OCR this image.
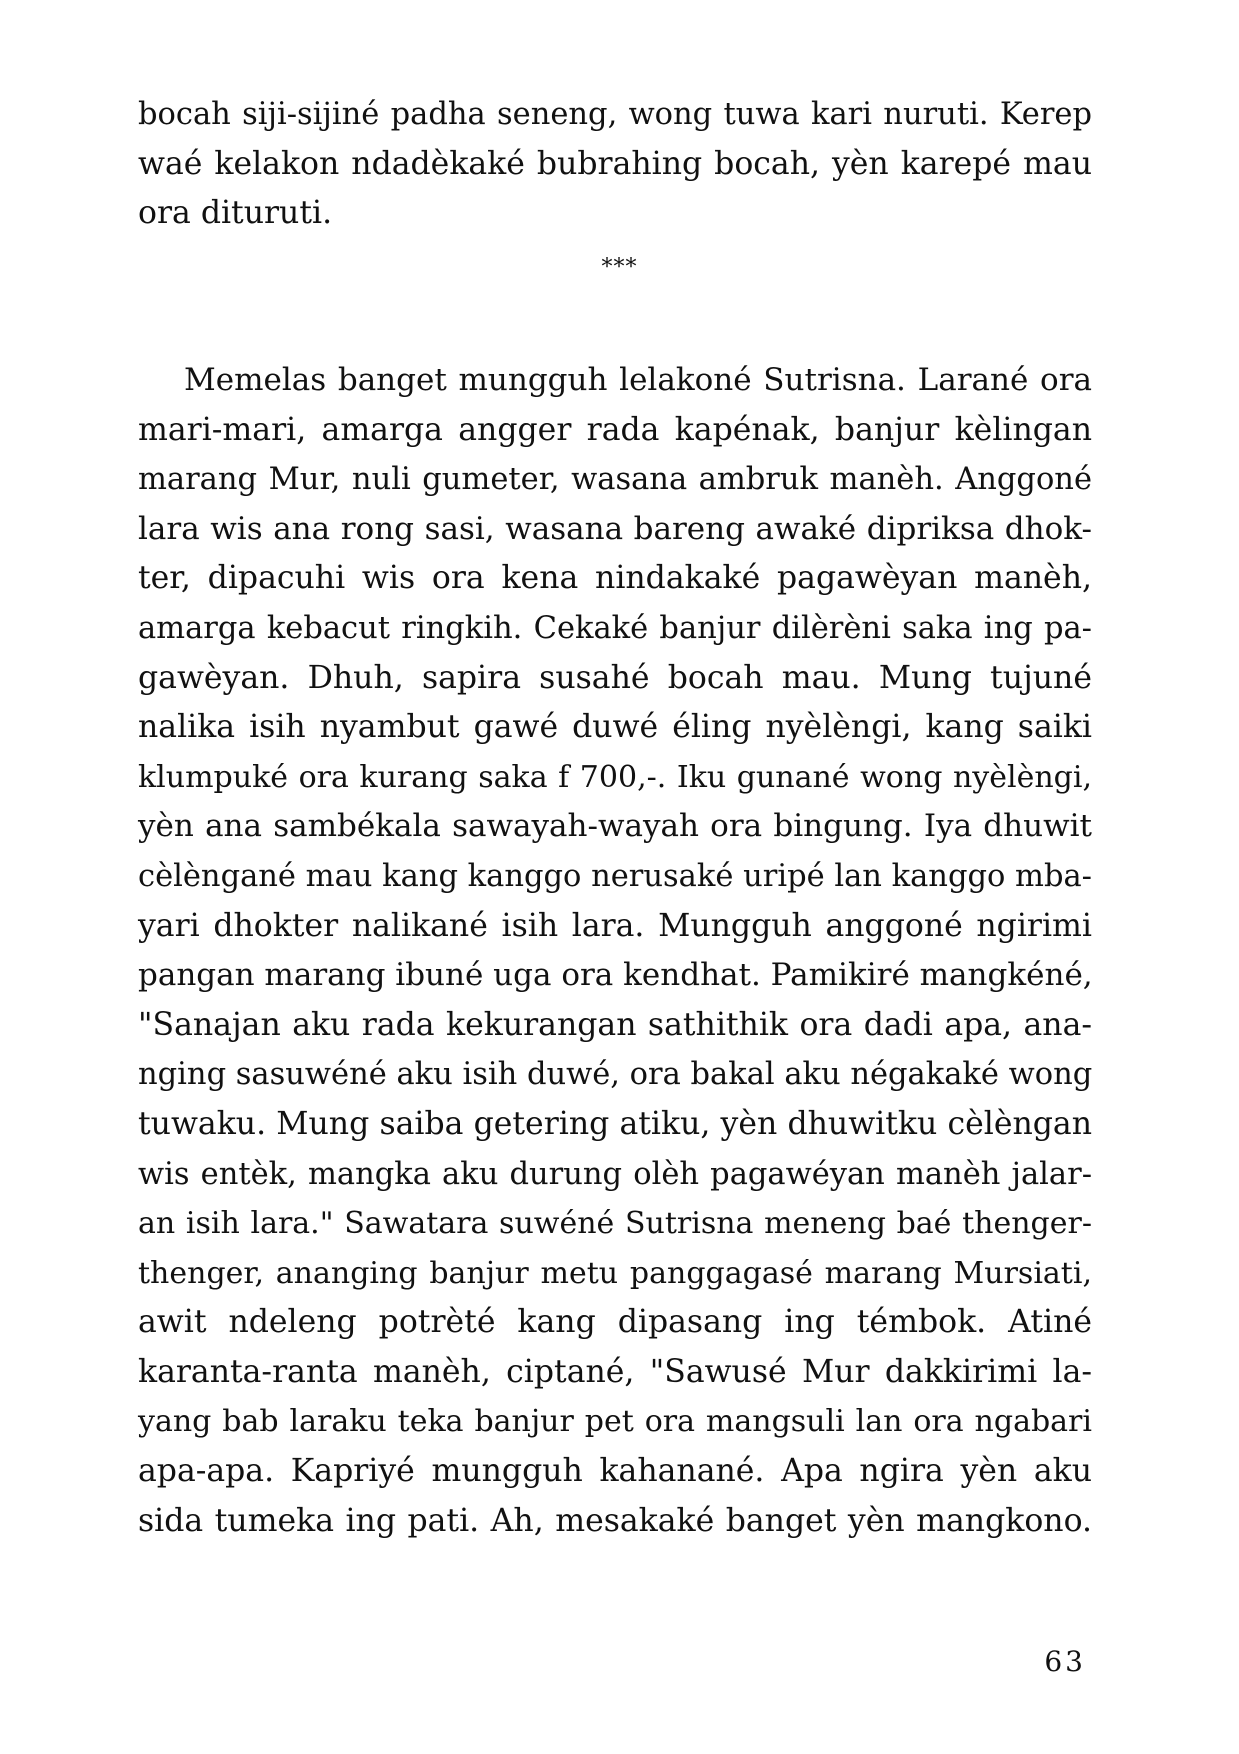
bocah siji-sijiné padha seneng, wong tuwa kari nuruti. Kerep
waé kelakon ndadèkaké bubrahing bocah, yèn karepé mau
ora dituruti.
***
Memelas banget mungguh lelakoné Sutrisna. Larané ora
mari-mari, amarga angger rada kapénak, banjur kèlingan
marang Mur, nuli gumeter, wasana ambruk manèh. Anggoné
lara wis ana rong sasi, wasana bareng awaké dipriksa dhok-
ter, dipacuhi wis ora kena nindakaké pagawèyan manèh,
amarga kebacut ringkih. Cekaké banjur dilèrèni saka ing pa-
gawèyan. Dhuh, sapira susahé bocah mau. Mung tujuné
nalika isih nyambut gawé duwé éling nyèlèngi, kang saiki
klumpuké ora kurang saka f 700,-. Iku gunané wong nyèlèngi,
yèn ana sambékala sawayah-wayah ora bingung. Iya dhuwit
cèlèngané mau kang kanggo nerusaké uripé lan kanggo mba-
yari dhokter nalikané isih lara. Mungguh anggoné ngirimi
pangan marang ibuné uga ora kendhat. Pamikiré mangkéné,
"Sanajan aku rada kekurangan sathithik ora dadi apa, ana-
nging sasuwéné aku isih duwé, ora bakal aku négakaké wong
tuwaku. Mung saiba getering atiku, yèn dhuwitku cèlèngan
wis entèk, mangka aku durung olèh pagawéyan manèh jalar-
an isih lara." Sawatara suwéné Sutrisna meneng baé thenger-
thenger, ananging banjur metu panggagasé marang Mursiati,
awit ndeleng potrèté kang dipasang ing témbok. Atiné
karanta-ranta manèh, ciptané, "Sawusé Mur dakkirimi la-
yang bab laraku teka banjur pet ora mangsuli lan ora ngabari
apa-apa. Kapriyé mungguh kahanané. Apa ngira yèn aku
sida tumeka ing pati. Ah, mesakaké banget yèn mangkono.
63
